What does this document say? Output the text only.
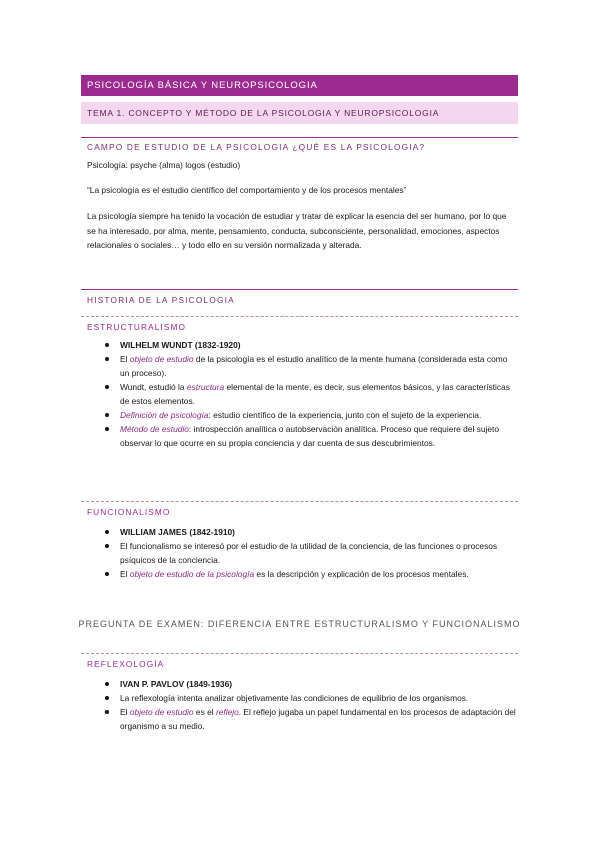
PSICOLOGÍA BÁSICA Y NEUROPSICOLOGIA
TEMA 1. CONCEPTO Y MÉTODO DE LA PSICOLOGIA Y NEUROPSICOLOGIA
CAMPO DE ESTUDIO DE LA PSICOLOGIA ¿QUÉ ES LA PSICOLOGIA?

Psicología: psyche (alma) logos (estudio)

“La psicología es el estudio científico del comportamiento y de los procesos mentales”

La psicología siempre ha tenido la vocación de estudiar y tratar de explicar la esencia del ser humano, por lo que se ha interesado, por alma, mente, pensamiento, conducta, subconsciente, personalidad, emociones, aspectos relacionales o sociales… y todo ello en su versión normalizada y alterada.

HISTORIA DE LA PSICOLOGIA
ESTRUCTURALISMO
WILHELM WUNDT (1832-1920)
El objeto de estudio de la psicología es el estudio analítico de la mente humana (considerada esta como un proceso).
Wundt, estudió la estructura elemental de la mente, es decir, sus elementos básicos, y las características de estos elementos.
Definición de psicología: estudio científico de la experiencia, junto con el sujeto de la experiencia.
Método de estudio: introspección analítica o autobservación analítica. Proceso que requiere del sujeto observar lo que ocurre en su propia conciencia y dar cuenta de sus descubrimientos.
FUNCIONALISMO
WILLIAM JAMES (1842-1910)
El funcionalismo se interesó por el estudio de la utilidad de la conciencia, de las funciones o procesos psíquicos de la conciencia.
El objeto de estudio de la psicología es la descripción y explicación de los procesos mentales.
PREGUNTA DE EXAMEN: DIFERENCIA ENTRE ESTRUCTURALISMO Y FUNCIONALISMO
REFLEXOLOGÍA
IVAN P. PAVLOV (1849-1936)
La reflexología intenta analizar objetivamente las condiciones de equilibrio de los organismos.
El objeto de estudio es el reflejo. El reflejo jugaba un papel fundamental en los procesos de adaptación del organismo a su medio.
